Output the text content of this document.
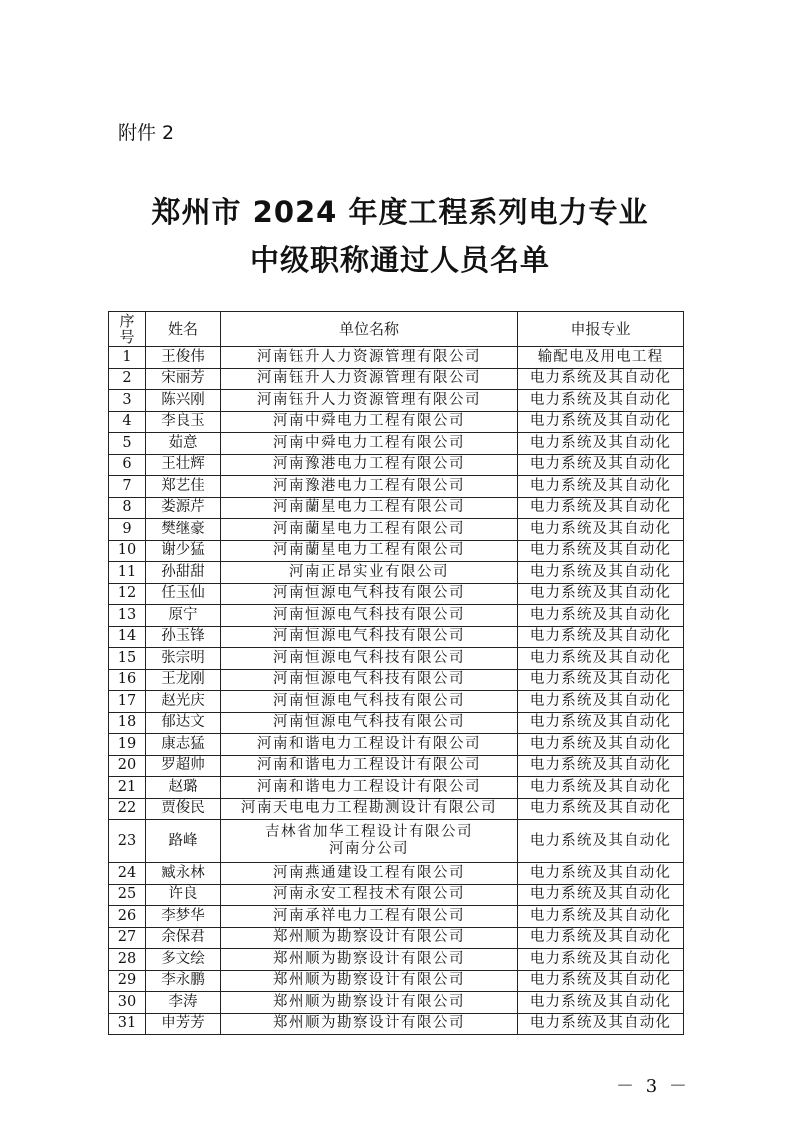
附件 2
郑州市 2024 年度工程系列电力专业
中级职称通过人员名单
序号	姓名	单位名称	申报专业
1	王俊伟	河南钰升人力资源管理有限公司	输配电及用电工程
2	宋丽芳	河南钰升人力资源管理有限公司	电力系统及其自动化
3	陈兴刚	河南钰升人力资源管理有限公司	电力系统及其自动化
4	李良玉	河南中舜电力工程有限公司	电力系统及其自动化
5	茹意	河南中舜电力工程有限公司	电力系统及其自动化
6	王壮辉	河南豫港电力工程有限公司	电力系统及其自动化
7	郑艺佳	河南豫港电力工程有限公司	电力系统及其自动化
8	娄源芹	河南蘭星电力工程有限公司	电力系统及其自动化
9	樊继豪	河南蘭星电力工程有限公司	电力系统及其自动化
10	谢少猛	河南蘭星电力工程有限公司	电力系统及其自动化
11	孙甜甜	河南正昂实业有限公司	电力系统及其自动化
12	任玉仙	河南恒源电气科技有限公司	电力系统及其自动化
13	原宁	河南恒源电气科技有限公司	电力系统及其自动化
14	孙玉锋	河南恒源电气科技有限公司	电力系统及其自动化
15	张宗明	河南恒源电气科技有限公司	电力系统及其自动化
16	王龙刚	河南恒源电气科技有限公司	电力系统及其自动化
17	赵光庆	河南恒源电气科技有限公司	电力系统及其自动化
18	郁达文	河南恒源电气科技有限公司	电力系统及其自动化
19	康志猛	河南和谐电力工程设计有限公司	电力系统及其自动化
20	罗超帅	河南和谐电力工程设计有限公司	电力系统及其自动化
21	赵璐	河南和谐电力工程设计有限公司	电力系统及其自动化
22	贾俊民	河南天电电力工程勘测设计有限公司	电力系统及其自动化
23	路峰	吉林省加华工程设计有限公司
河南分公司	电力系统及其自动化
24	臧永林	河南燕通建设工程有限公司	电力系统及其自动化
25	许良	河南永安工程技术有限公司	电力系统及其自动化
26	李梦华	河南承祥电力工程有限公司	电力系统及其自动化
27	余保君	郑州顺为勘察设计有限公司	电力系统及其自动化
28	多文绘	郑州顺为勘察设计有限公司	电力系统及其自动化
29	李永鹏	郑州顺为勘察设计有限公司	电力系统及其自动化
30	李涛	郑州顺为勘察设计有限公司	电力系统及其自动化
31	申芳芳	郑州顺为勘察设计有限公司	电力系统及其自动化
－ 3 －
